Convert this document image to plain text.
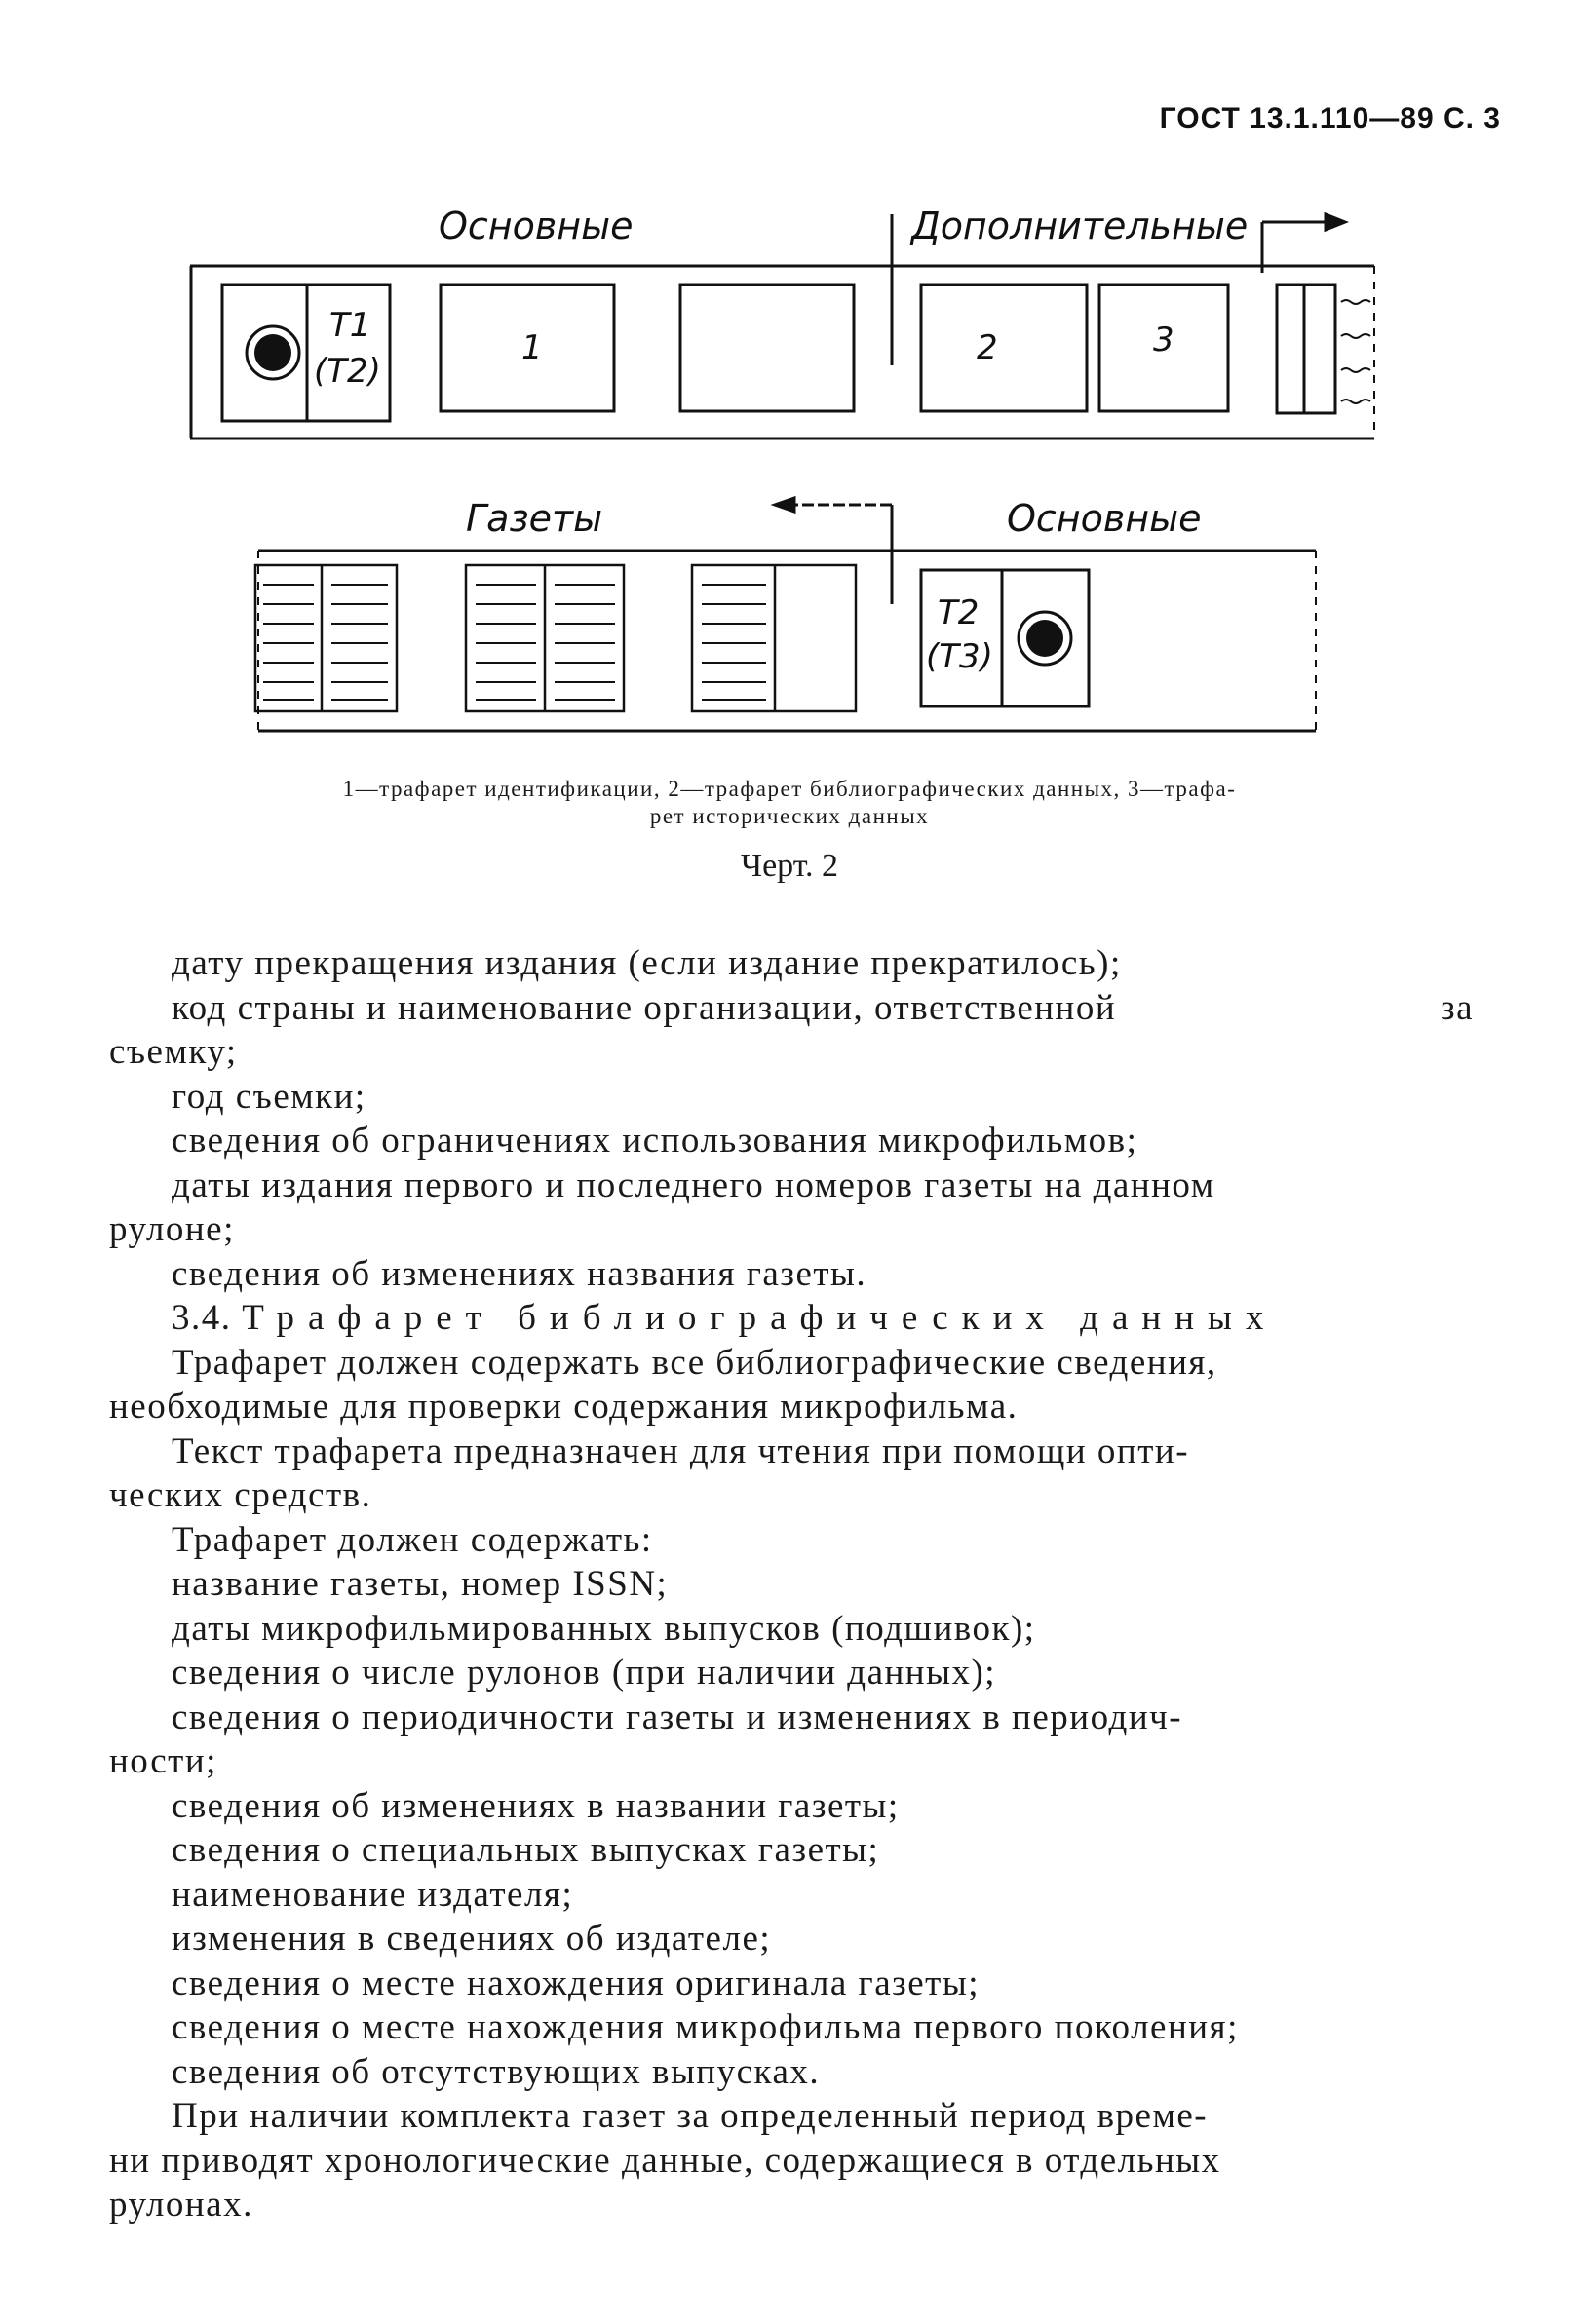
ГОСТ 13.1.110—89 С. 3
Основные	Дополнительные
Т1
(Т2)
1	2	3
Газеты	Основные
Т2
(Т3)
1—трафарет идентификации, 2—трафарет библиографических данных, 3—трафа-
рет исторических данных
Черт. 2
дату прекращения издания (если издание прекратилось);
код страны и наименование организации, ответственной	за
съемку;
год съемки;
сведения об ограничениях использования микрофильмов;
даты издания первого и последнего номеров газеты на данном
рулоне;
сведения об изменениях названия газеты.
3.4. Трафарет библиографических данных
Трафарет должен содержать все библиографические сведения,
необходимые для проверки содержания микрофильма.
Текст трафарета предназначен для чтения при помощи опти-
ческих средств.
Трафарет должен содержать:
название газеты, номер ISSN;
даты микрофильмированных выпусков (подшивок);
сведения о числе рулонов (при наличии данных);
сведения о периодичности газеты и изменениях в периодич-
ности;
сведения об изменениях в названии газеты;
сведения о специальных выпусках газеты;
наименование издателя;
изменения в сведениях об издателе;
сведения о месте нахождения оригинала газеты;
сведения о месте нахождения микрофильма первого поколения;
сведения об отсутствующих выпусках.
При наличии комплекта газет за определенный период време-
ни приводят хронологические данные, содержащиеся в отдельных
рулонах.
